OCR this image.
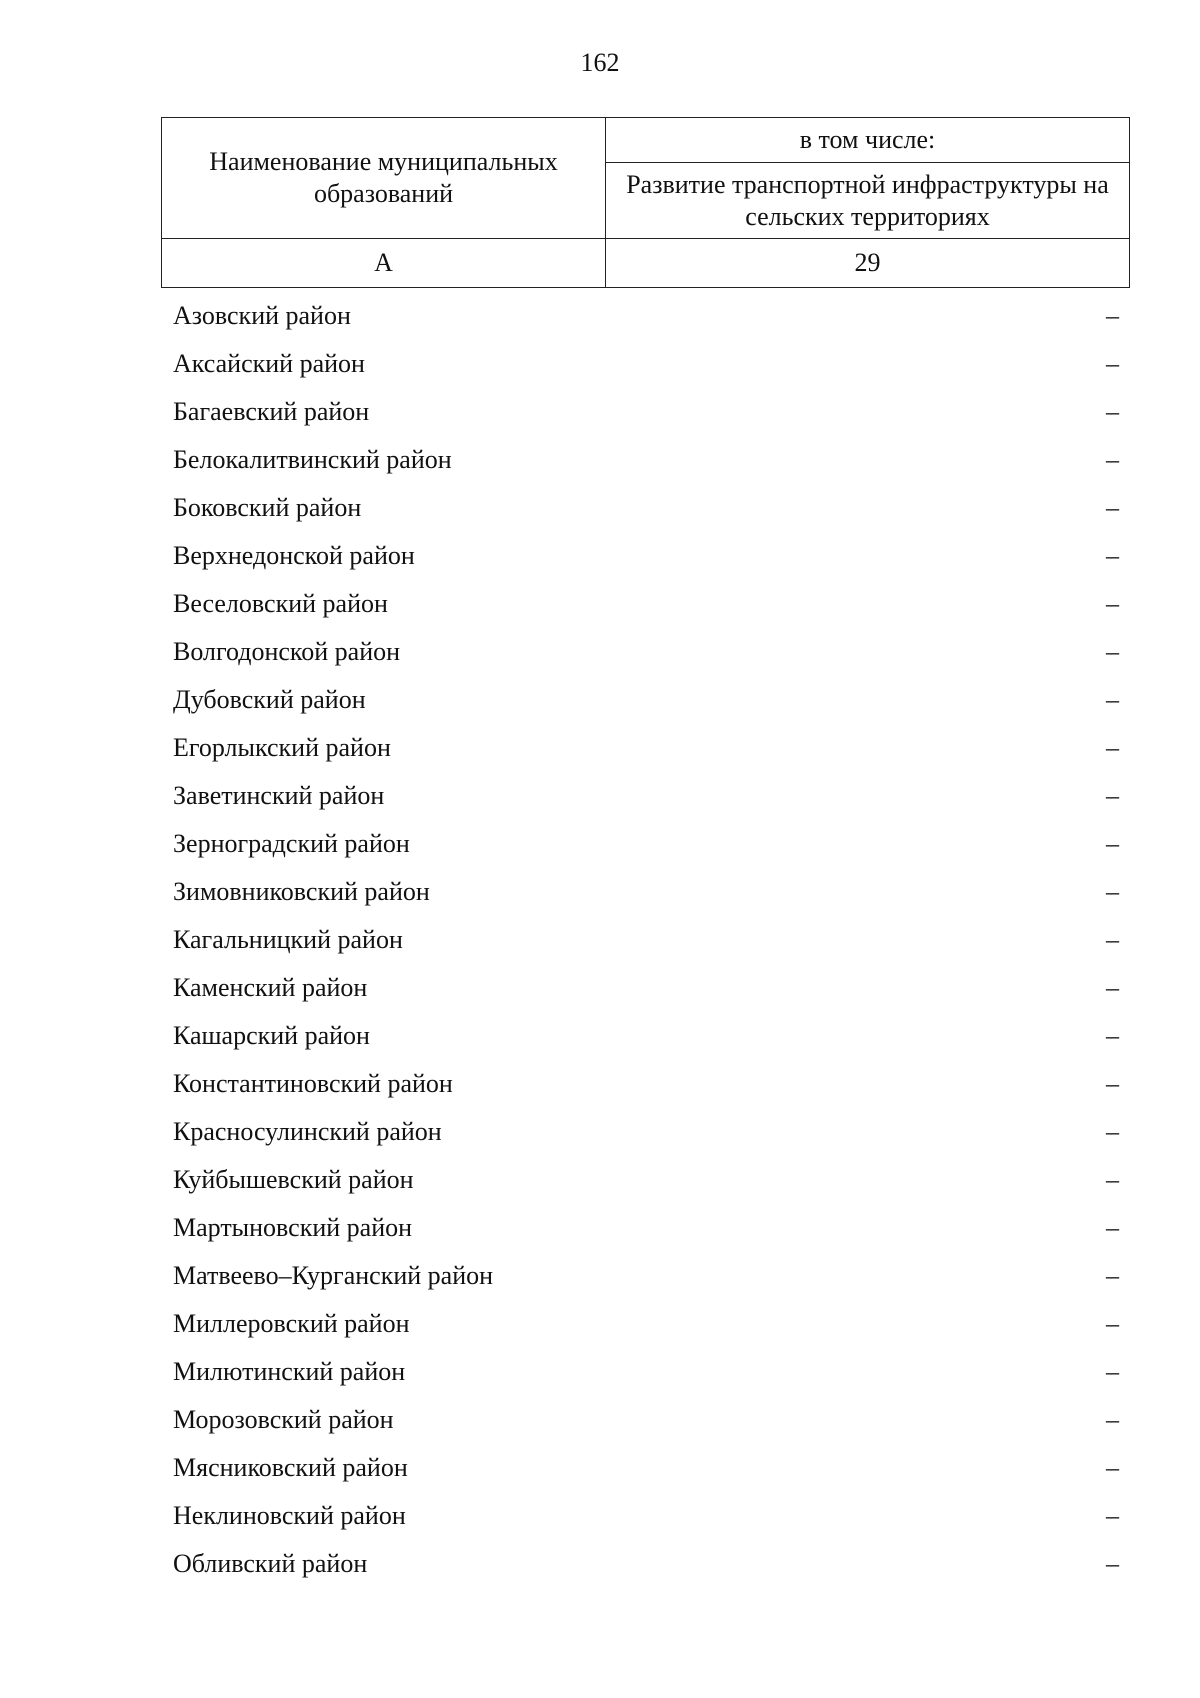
162
Наименование муниципальных образований	в том числе:
	Развитие транспортной инфраструктуры на сельских территориях
А	29
Азовский район	–
Аксайский район	–
Багаевский район	–
Белокалитвинский район	–
Боковский район	–
Верхнедонской район	–
Веселовский район	–
Волгодонской район	–
Дубовский район	–
Егорлыкский район	–
Заветинский район	–
Зерноградский район	–
Зимовниковский район	–
Кагальницкий район	–
Каменский район	–
Кашарский район	–
Константиновский район	–
Красносулинский район	–
Куйбышевский район	–
Мартыновский район	–
Матвеево–Курганский район	–
Миллеровский район	–
Милютинский район	–
Морозовский район	–
Мясниковский район	–
Неклиновский район	–
Обливский район	–
